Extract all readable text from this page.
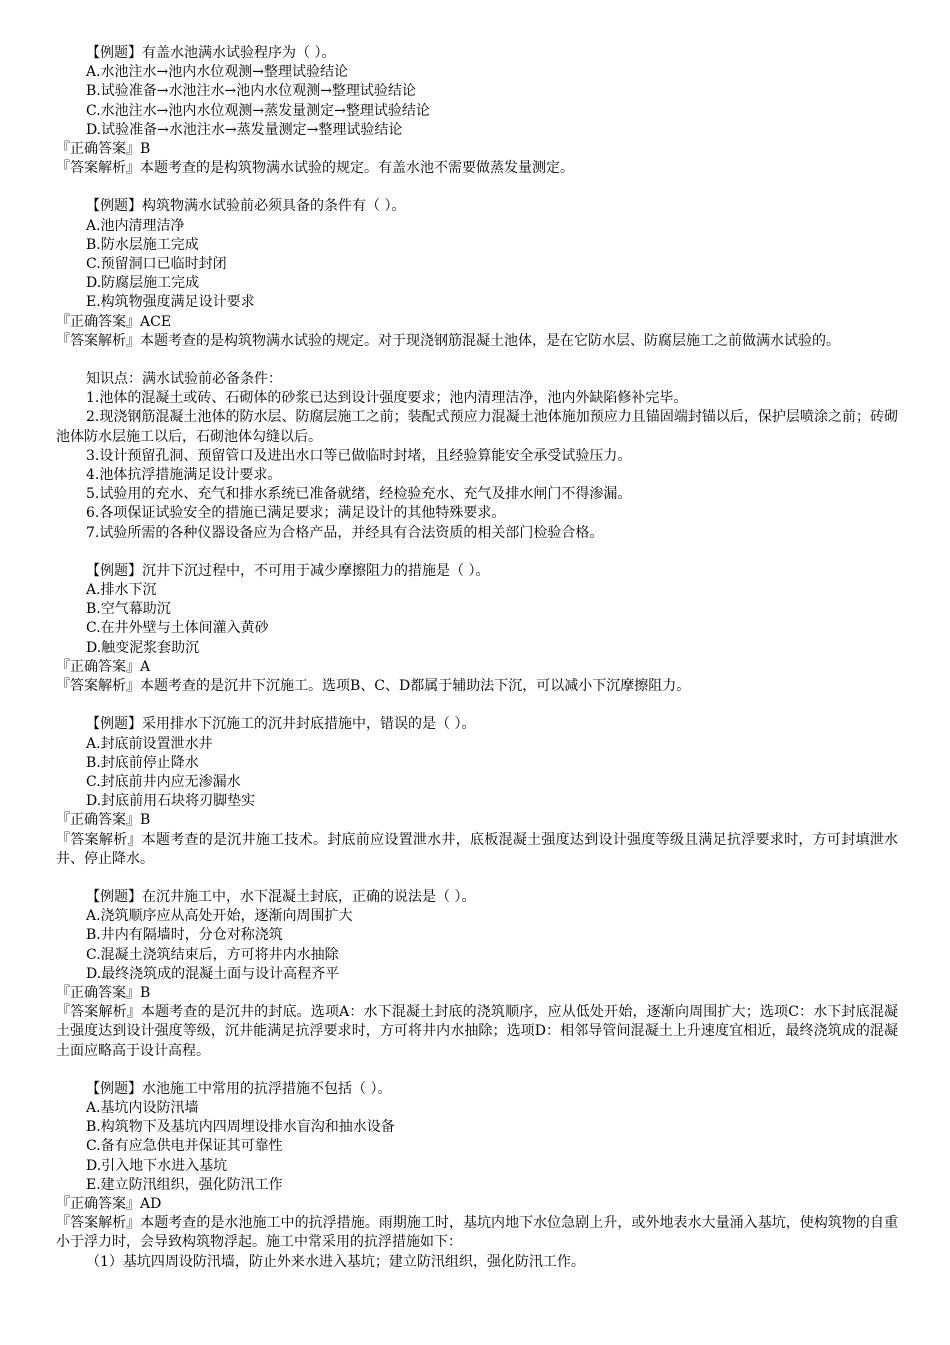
【例题】有盖水池满水试验程序为（ ）。
A.水池注水→池内水位观测→整理试验结论
B.试验准备→水池注水→池内水位观测→整理试验结论
C.水池注水→池内水位观测→蒸发量测定→整理试验结论
D.试验准备→水池注水→蒸发量测定→整理试验结论
『正确答案』B
『答案解析』本题考查的是构筑物满水试验的规定。有盖水池不需要做蒸发量测定。
【例题】构筑物满水试验前必须具备的条件有（ ）。
A.池内清理洁净
B.防水层施工完成
C.预留洞口已临时封闭
D.防腐层施工完成
E.构筑物强度满足设计要求
『正确答案』ACE
『答案解析』本题考查的是构筑物满水试验的规定。对于现浇钢筋混凝土池体，是在它防水层、防腐层施工之前做满水试验的。
知识点：满水试验前必备条件：
1.池体的混凝土或砖、石砌体的砂浆已达到设计强度要求；池内清理洁净，池内外缺陷修补完毕。
2.现浇钢筋混凝土池体的防水层、防腐层施工之前；装配式预应力混凝土池体施加预应力且锚固端封锚以后，保护层喷涂之前；砖砌池体防水层施工以后，石砌池体勾缝以后。
3.设计预留孔洞、预留管口及进出水口等已做临时封堵，且经验算能安全承受试验压力。
4.池体抗浮措施满足设计要求。
5.试验用的充水、充气和排水系统已准备就绪，经检验充水、充气及排水闸门不得渗漏。
6.各项保证试验安全的措施已满足要求；满足设计的其他特殊要求。
7.试验所需的各种仪器设备应为合格产品，并经具有合法资质的相关部门检验合格。
【例题】沉井下沉过程中，不可用于减少摩擦阻力的措施是（ ）。
A.排水下沉
B.空气幕助沉
C.在井外壁与土体间灌入黄砂
D.触变泥浆套助沉
『正确答案』A
『答案解析』本题考查的是沉井下沉施工。选项B、C、D都属于辅助法下沉，可以减小下沉摩擦阻力。
【例题】采用排水下沉施工的沉井封底措施中，错误的是（ ）。
A.封底前设置泄水井
B.封底前停止降水
C.封底前井内应无渗漏水
D.封底前用石块将刃脚垫实
『正确答案』B
『答案解析』本题考查的是沉井施工技术。封底前应设置泄水井，底板混凝土强度达到设计强度等级且满足抗浮要求时，方可封填泄水井、停止降水。
【例题】在沉井施工中，水下混凝土封底，正确的说法是（ ）。
A.浇筑顺序应从高处开始，逐渐向周围扩大
B.井内有隔墙时，分仓对称浇筑
C.混凝土浇筑结束后，方可将井内水抽除
D.最终浇筑成的混凝土面与设计高程齐平
『正确答案』B
『答案解析』本题考查的是沉井的封底。选项A：水下混凝土封底的浇筑顺序，应从低处开始，逐渐向周围扩大；选项C：水下封底混凝土强度达到设计强度等级，沉井能满足抗浮要求时，方可将井内水抽除；选项D：相邻导管间混凝土上升速度宜相近，最终浇筑成的混凝土面应略高于设计高程。
【例题】水池施工中常用的抗浮措施不包括（ ）。
A.基坑内设防汛墙
B.构筑物下及基坑内四周埋设排水盲沟和抽水设备
C.备有应急供电并保证其可靠性
D.引入地下水进入基坑
E.建立防汛组织，强化防汛工作
『正确答案』AD
『答案解析』本题考查的是水池施工中的抗浮措施。雨期施工时，基坑内地下水位急剧上升，或外地表水大量涌入基坑，使构筑物的自重小于浮力时，会导致构筑物浮起。施工中常采用的抗浮措施如下：
（1）基坑四周设防汛墙，防止外来水进入基坑；建立防汛组织，强化防汛工作。
